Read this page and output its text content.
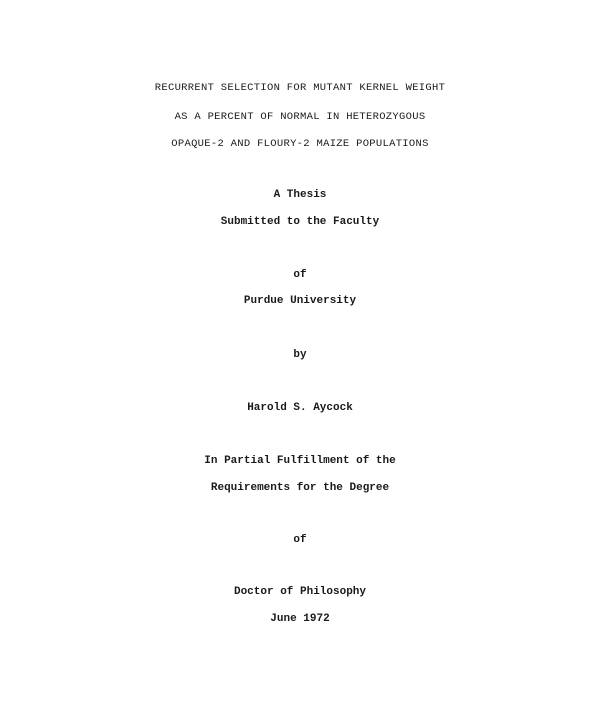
RECURRENT SELECTION FOR MUTANT KERNEL WEIGHT
AS A PERCENT OF NORMAL IN HETEROZYGOUS
OPAQUE-2 AND FLOURY-2 MAIZE POPULATIONS
A Thesis
Submitted to the Faculty
of
Purdue University
by
Harold S. Aycock
In Partial Fulfillment of the
Requirements for the Degree
of
Doctor of Philosophy
June 1972
